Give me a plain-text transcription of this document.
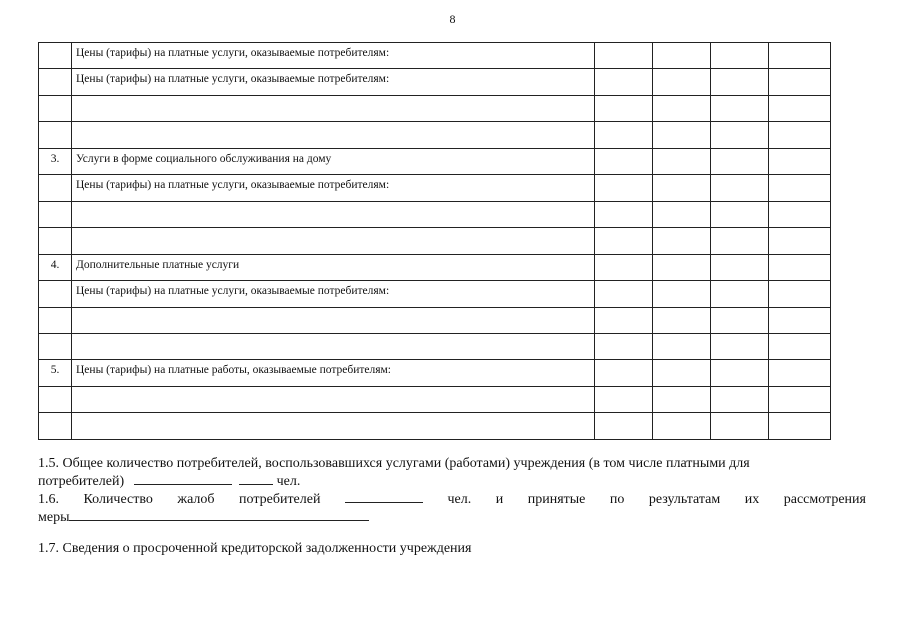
8

	Цены (тарифы) на платные услуги, оказываемые потребителям:				

	Цены (тарифы) на платные услуги, оказываемые потребителям:				

3.	Услуги в форме социального обслуживания на дому				

	Цены (тарифы) на платные услуги, оказываемые потребителям:				

4.	Дополнительные платные услуги				

	Цены (тарифы) на платные услуги, оказываемые потребителям:				

5.	Цены (тарифы) на платные работы, оказываемые потребителям:				

1.5. Общее количество потребителей, воспользовавшихся услугами (работами) учреждения (в том числе платными для
потребителей)	чел.
1.6. Количество жалоб потребителей	чел. и принятые по результатам их рассмотрения
меры
1.7. Сведения о просроченной кредиторской задолженности учреждения
